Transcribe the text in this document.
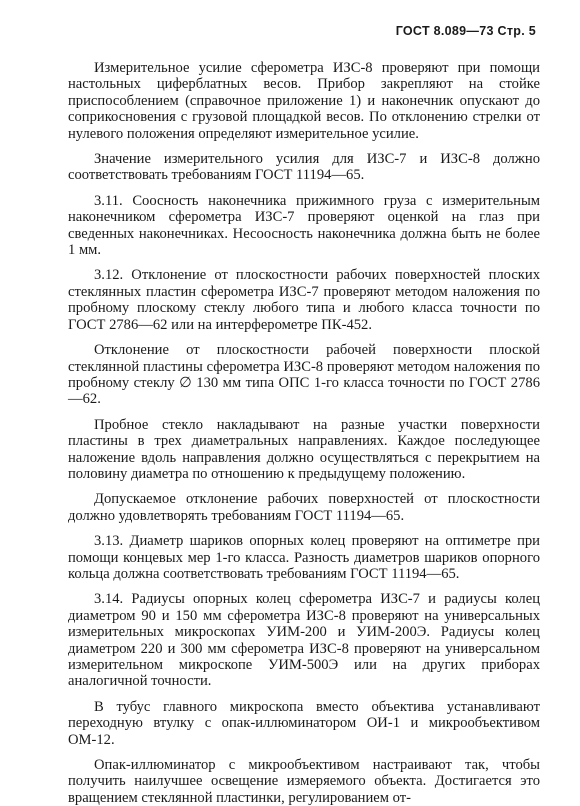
ГОСТ 8.089—73 Стр. 5

Измерительное усилие сферометра ИЗС-8 проверяют при помощи настольных циферблатных весов. Прибор закрепляют на стойке приспособлением (справочное приложение 1) и наконечник опускают до соприкосновения с грузовой площадкой весов. По отклонению стрелки от нулевого положения определяют измерительное усилие.

Значение измерительного усилия для ИЗС-7 и ИЗС-8 должно соответствовать требованиям ГОСТ 11194—65.

3.11. Соосность наконечника прижимного груза с измерительным наконечником сферометра ИЗС-7 проверяют оценкой на глаз при сведенных наконечниках. Несоосность наконечника должна быть не более 1 мм.

3.12. Отклонение от плоскостности рабочих поверхностей плоских стеклянных пластин сферометра ИЗС-7 проверяют методом наложения по пробному плоскому стеклу любого типа и любого класса точности по ГОСТ 2786—62 или на интерферометре ПК-452.

Отклонение от плоскостности рабочей поверхности плоской стеклянной пластины сферометра ИЗС-8 проверяют методом наложения по пробному стеклу ∅ 130 мм типа ОПС 1-го класса точности по ГОСТ 2786—62.

Пробное стекло накладывают на разные участки поверхности пластины в трех диаметральных направлениях. Каждое последующее наложение вдоль направления должно осуществляться с перекрытием на половину диаметра по отношению к предыдущему положению.

Допускаемое отклонение рабочих поверхностей от плоскостности должно удовлетворять требованиям ГОСТ 11194—65.

3.13. Диаметр шариков опорных колец проверяют на оптиметре при помощи концевых мер 1-го класса. Разность диаметров шариков опорного кольца должна соответствовать требованиям ГОСТ 11194—65.

3.14. Радиусы опорных колец сферометра ИЗС-7 и радиусы колец диаметром 90 и 150 мм сферометра ИЗС-8 проверяют на универсальных измерительных микроскопах УИМ-200 и УИМ-200Э. Радиусы колец диаметром 220 и 300 мм сферометра ИЗС-8 проверяют на универсальном измерительном микроскопе УИМ-500Э или на других приборах аналогичной точности.

В тубус главного микроскопа вместо объектива устанавливают переходную втулку с опак-иллюминатором ОИ-1 и микрообъективом ОМ-12.

Опак-иллюминатор с микрообъективом настраивают так, чтобы получить наилучшее освещение измеряемого объекта. Достигается это вращением стеклянной пластинки, регулированием от-
